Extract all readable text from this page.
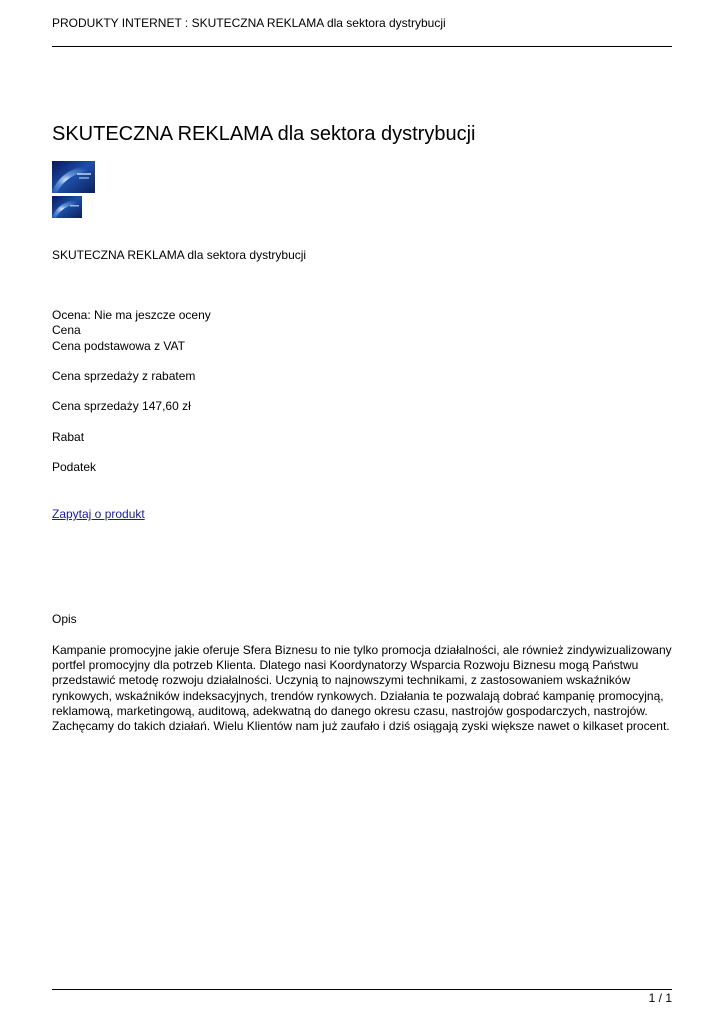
PRODUKTY INTERNET : SKUTECZNA REKLAMA dla sektora dystrybucji
SKUTECZNA REKLAMA dla sektora dystrybucji
SKUTECZNA REKLAMA dla sektora dystrybucji
Ocena: Nie ma jeszcze oceny
Cena
Cena podstawowa z VAT
Cena sprzedaży z rabatem
Cena sprzedaży 147,60 zł
Rabat
Podatek
Zapytaj o produkt
Opis
Kampanie promocyjne jakie oferuje Sfera Biznesu to nie tylko promocja działalności, ale również zindywizualizowany portfel promocyjny dla potrzeb Klienta. Dlatego nasi Koordynatorzy Wsparcia Rozwoju Biznesu mogą Państwu przedstawić metodę rozwoju działalności. Uczynią to najnowszymi technikami, z zastosowaniem wskaźników rynkowych, wskaźników indeksacyjnych, trendów rynkowych. Działania te pozwalają dobrać kampanię promocyjną, reklamową, marketingową, auditową, adekwatną do danego okresu czasu, nastrojów gospodarczych, nastrojów. Zachęcamy do takich działań. Wielu Klientów nam już zaufało i dziś osiągają zyski większe nawet o kilkaset procent.
1 / 1
